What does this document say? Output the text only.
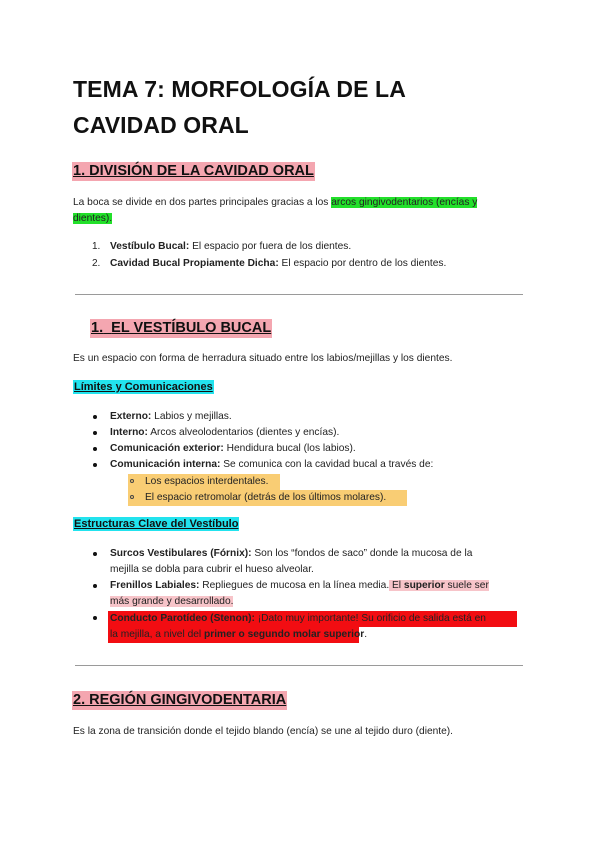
TEMA 7: MORFOLOGÍA DE LA
CAVIDAD ORAL
1. DIVISIÓN DE LA CAVIDAD ORAL
La boca se divide en dos partes principales gracias a los arcos gingivodentarios (encías y
dientes).
1. Vestíbulo Bucal: El espacio por fuera de los dientes.
2. Cavidad Bucal Propiamente Dicha: El espacio por dentro de los dientes.
1. EL VESTÍBULO BUCAL
Es un espacio con forma de herradura situado entre los labios/mejillas y los dientes.
Límites y Comunicaciones
Externo: Labios y mejillas.
Interno: Arcos alveolodentarios (dientes y encías).
Comunicación exterior: Hendidura bucal (los labios).
Comunicación interna: Se comunica con la cavidad bucal a través de:
Los espacios interdentales.
El espacio retromolar (detrás de los últimos molares).
Estructuras Clave del Vestíbulo
Surcos Vestibulares (Fórnix): Son los “fondos de saco” donde la mucosa de la
mejilla se dobla para cubrir el hueso alveolar.
Frenillos Labiales: Repliegues de mucosa en la línea media. El superior suele ser
más grande y desarrollado.
Conducto Parotídeo (Stenon): ¡Dato muy importante! Su orificio de salida está en
la mejilla, a nivel del primer o segundo molar superior.
2. REGIÓN GINGIVODENTARIA
Es la zona de transición donde el tejido blando (encía) se une al tejido duro (diente).
